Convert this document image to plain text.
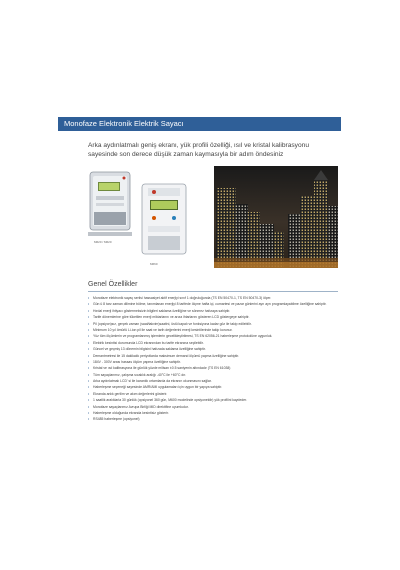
Monofaze Elektronik Elektrik Sayacı
Arka aydınlatmalı geniş ekranı, yük profili özelliği, ısıl ve kristal kalibrasyonu
sayesinde son derece düşük zaman kaymasıyla bir adım öndesiniz
M620 / M620
M660
Genel Özellikler
• Monofaze elektronik sayaç seriisi hassasiyet aktif enerjiyi sınıf 1 doğruluğunda (TS EN 50470-1, TS EN 50470-3) ölçer.
• Gün ü 8 tarz zaman dilimine bölme, tanımlanan enerjiyi 8 tarifede ölçme hafta içi, cumartesi ve pazar günlerini ayrı ayrı programlayabilme özelliğine sahiptir.
• Hırdal enerji ihtiyacı göstermeksizin bilgileri saklama özelliğine ve sönmez hafızaya sahiptir.
• Tarife dönemlerine göre tüketilen enerji miktarlarını ve arıza ihtarlarını gösteren LCD göstergeye sahiptir.
• Pil (opsiyon)sız, gerçek zaman (saat/takvim)saatini, üstü kapalı ve fonksiyona kadar göz ile takip edilebilir.
• Minimum 10 yıl ömürlü Li-ion pil ile saat ve tarih değerlerini enerji kesintilerinde takip korunur.
• Yüz tüm ölçümlerin ve programlanmış işlemlerin gecelikleştirilmesi, TS EN 62056-21 haberleşme protokolüne uygunluk.
• Elektrik kesintisi durumunda LCD ekranından bu tarife ekranına seçilebilir.
• Güncel ve geçmiş 13 dönemin bilgisini hafızada saklama özelliğine sahiptir.
• Demantmetresi ile 15 dakikalık periyotlarda maksimum demand ölçümü yapma özelliğine sahiptir.
• 184V - 300V arası hassas ölçüm yapma özelliğine sahiptir.
• Kristal ve ısıl kalibrasyona ile günlük yüzde milisan ±0.5 saniyenin altındadır (TS EN 61038)
• Tüm sayaçlarımız, çalışma sıcaklık aralığı -40°C ile +60°C dır.
• Arka aydınlatmalı LCD' si ile karanlık ortamlarda da ekranın okunmasını sağlar.
• Haberleşme seçeneği sayesinde AMR/AMI uygulamaları için uygun bir yapıya sahiptir.
• Ekranda anlık gerilim ve akım değerlerini gösterir.
• 1 saatlik aralıklarla 30 günlük (opsiyonel 360 gün, M600 modelinde opsiyoneldir) yük profilini kaydeder.
• Monofaze sayaçlarımız Avrupa Birliği MID direktifine uyumludur.
• Haberleşme olduğunda ekranda kesintisiz gösterir.
• RS485 haberleşme (opsiyonel)
